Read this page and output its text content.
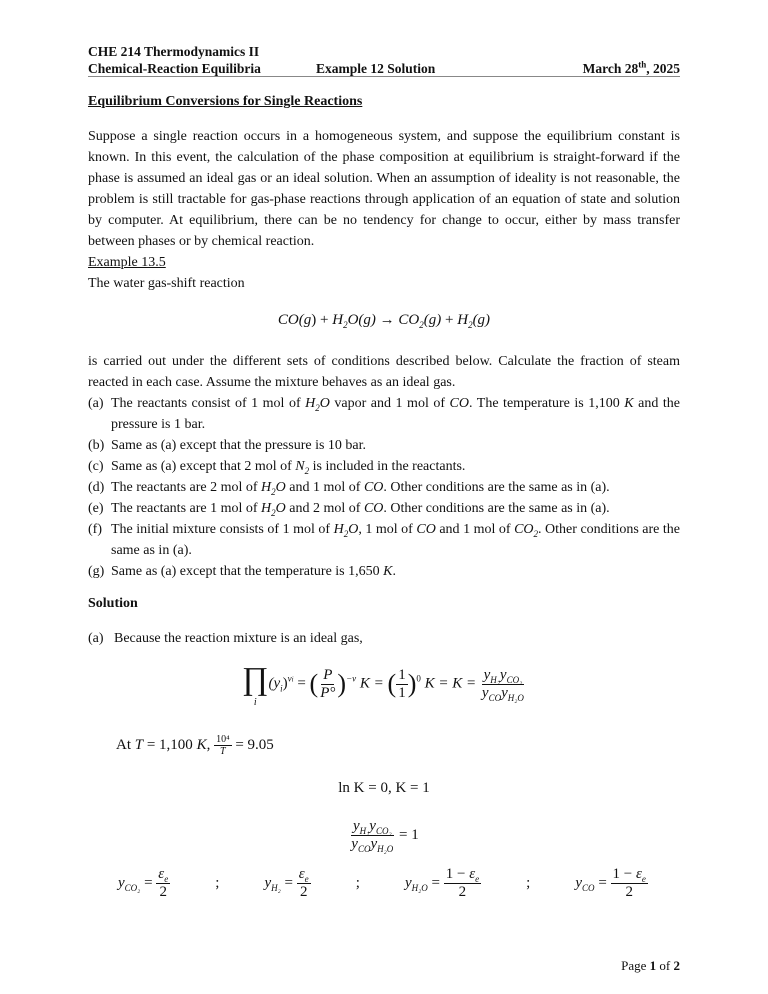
CHE 214 Thermodynamics II
Chemical-Reaction Equilibria	Example 12 Solution	March 28th, 2025
Equilibrium Conversions for Single Reactions
Suppose a single reaction occurs in a homogeneous system, and suppose the equilibrium constant is known. In this event, the calculation of the phase composition at equilibrium is straight-forward if the phase is assumed an ideal gas or an ideal solution. When an assumption of ideality is not reasonable, the problem is still tractable for gas-phase reactions through application of an equation of state and solution by computer. At equilibrium, there can be no tendency for change to occur, either by mass transfer between phases or by chemical reaction.
Example 13.5
The water gas-shift reaction
$CO(g) + H_2O(g) \to CO_2(g) + H_2(g)$
is carried out under the different sets of conditions described below. Calculate the fraction of steam reacted in each case. Assume the mixture behaves as an ideal gas.
(a) The reactants consist of 1 mol of $H_2O$ vapor and 1 mol of CO. The temperature is 1,100 K and the pressure is 1 bar.
(b) Same as (a) except that the pressure is 10 bar.
(c) Same as (a) except that 2 mol of $N_2$ is included in the reactants.
(d) The reactants are 2 mol of $H_2O$ and 1 mol of CO. Other conditions are the same as in (a).
(e) The reactants are 1 mol of $H_2O$ and 2 mol of CO. Other conditions are the same as in (a).
(f) The initial mixture consists of 1 mol of $H_2O$, 1 mol of CO and 1 mol of $CO_2$. Other conditions are the same as in (a).
(g) Same as (a) except that the temperature is 1,650 K.
Solution
(a) Because the reaction mixture is an ideal gas,
∏
i
$(y_i)^{\nu i}$ = ( $\frac{P}{P^\circ} )^{-\nu}$ K = ( $\frac{1}{1} )^0$ $K = K = \frac{y_{H_2}y_{CO_2}}{y_{CO}y_{H_2O}}$
At T = 1,100 K, $\frac{\text{10⁴}}{T} = 9.05$
ln K = 0, K = 1
$\frac{y_{H_2}y_{CO_2}}{y_{CO}y_{H_2O}} = 1$
$y_{CO_2} = \frac{\varepsilon_e}{2}$	;	$y_{H_2} = \frac{\varepsilon_e}{2}$	;	$y_{H_2O} = \frac{1 - \varepsilon_e}{2}$	;	$y_{CO} = \frac{1 - \varepsilon_e}{2}$
Page 1 of 2
